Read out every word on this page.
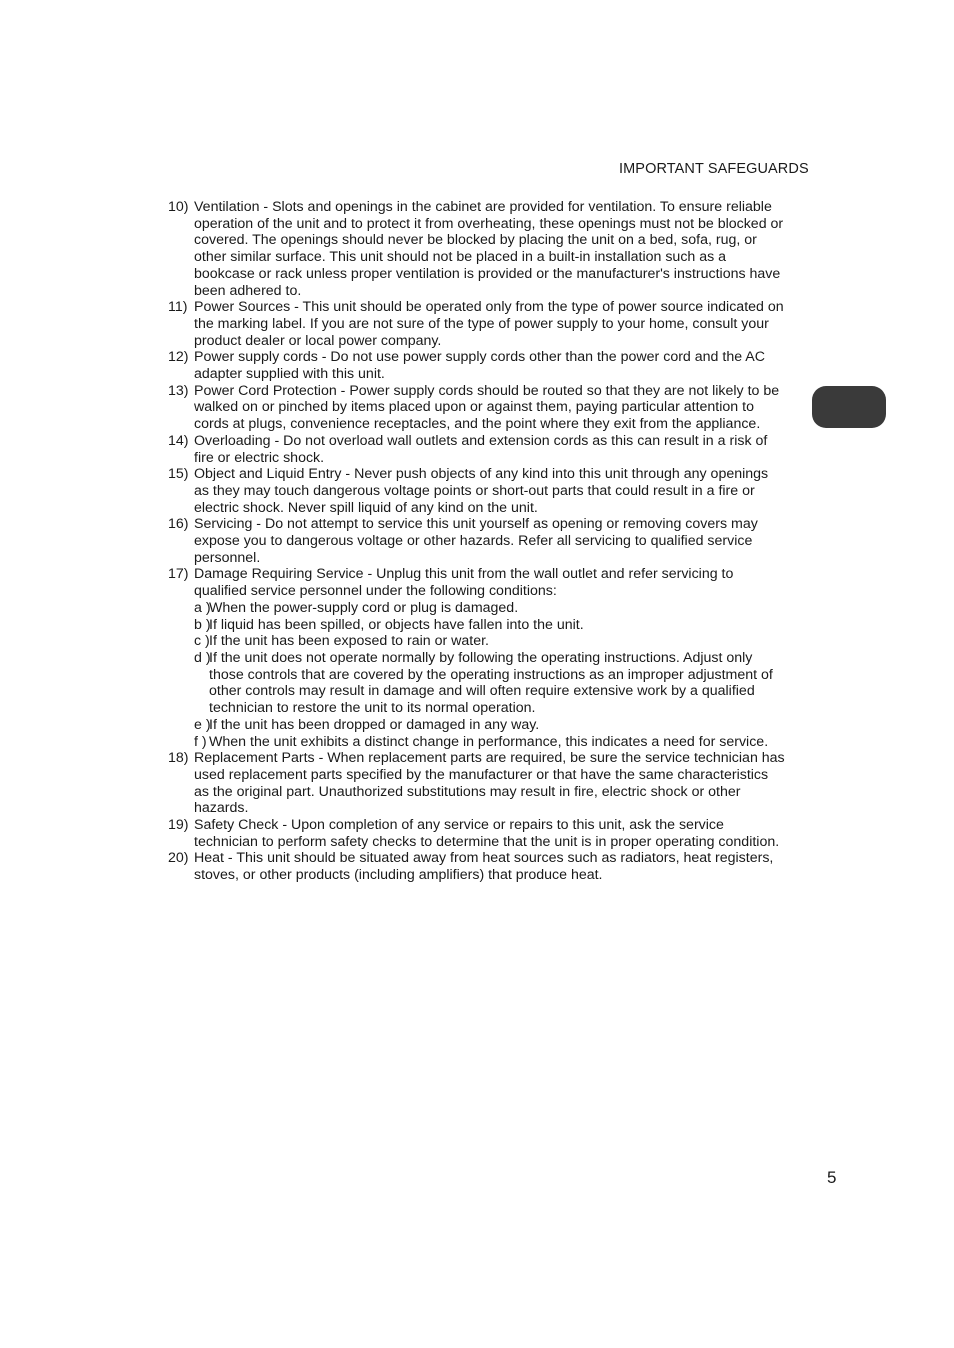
IMPORTANT SAFEGUARDS
10) Ventilation - Slots and openings in the cabinet are provided for ventilation. To ensure reliable operation of the unit and to protect it from overheating, these openings must not be blocked or covered. The openings should never be blocked by placing the unit on a bed, sofa, rug, or other similar surface. This unit should not be placed in a built-in installation such as a bookcase or rack unless proper ventilation is provided or the manufacturer's instructions have been adhered to.
11) Power Sources - This unit should be operated only from the type of power source indicated on the marking label. If you are not sure of the type of power supply to your home, consult your product dealer or local power company.
12) Power supply cords - Do not use power supply cords other than the power cord and the AC adapter supplied with this unit.
13) Power Cord Protection - Power supply cords should be routed so that they are not likely to be walked on or pinched by items placed upon or against them, paying particular attention to cords at plugs, convenience receptacles, and the point where they exit from the appliance.
14) Overloading - Do not overload wall outlets and extension cords as this can result in a risk of fire or electric shock.
15) Object and Liquid Entry - Never push objects of any kind into this unit through any openings as they may touch dangerous voltage points or short-out parts that could result in a fire or electric shock. Never spill liquid of any kind on the unit.
16) Servicing - Do not attempt to service this unit yourself as opening or removing covers may expose you to dangerous voltage or other hazards. Refer all servicing to qualified service personnel.
17) Damage Requiring Service - Unplug this unit from the wall outlet and refer servicing to qualified service personnel under the following conditions:
a )
When the power-supply cord or plug is damaged.
b )
If liquid has been spilled, or objects have fallen into the unit.
c ) If the unit has been exposed to rain or water.
d )
If the unit does not operate normally by following the operating instructions. Adjust only those controls that are covered by the operating instructions as an improper adjustment of other controls may result in damage and will often require extensive work by a qualified technician to restore the unit to its normal operation.
e )
If the unit has been dropped or damaged in any way.
f ) When the unit exhibits a distinct change in performance, this indicates a need for service.
18) Replacement Parts - When replacement parts are required, be sure the service technician has used replacement parts specified by the manufacturer or that have the same characteristics as the original part. Unauthorized substitutions may result in fire, electric shock or other hazards.
19) Safety Check - Upon completion of any service or repairs to this unit, ask the service technician to perform safety checks to determine that the unit is in proper operating condition.
20) Heat - This unit should be situated away from heat sources such as radiators, heat registers, stoves, or other products (including amplifiers) that produce heat.
5
